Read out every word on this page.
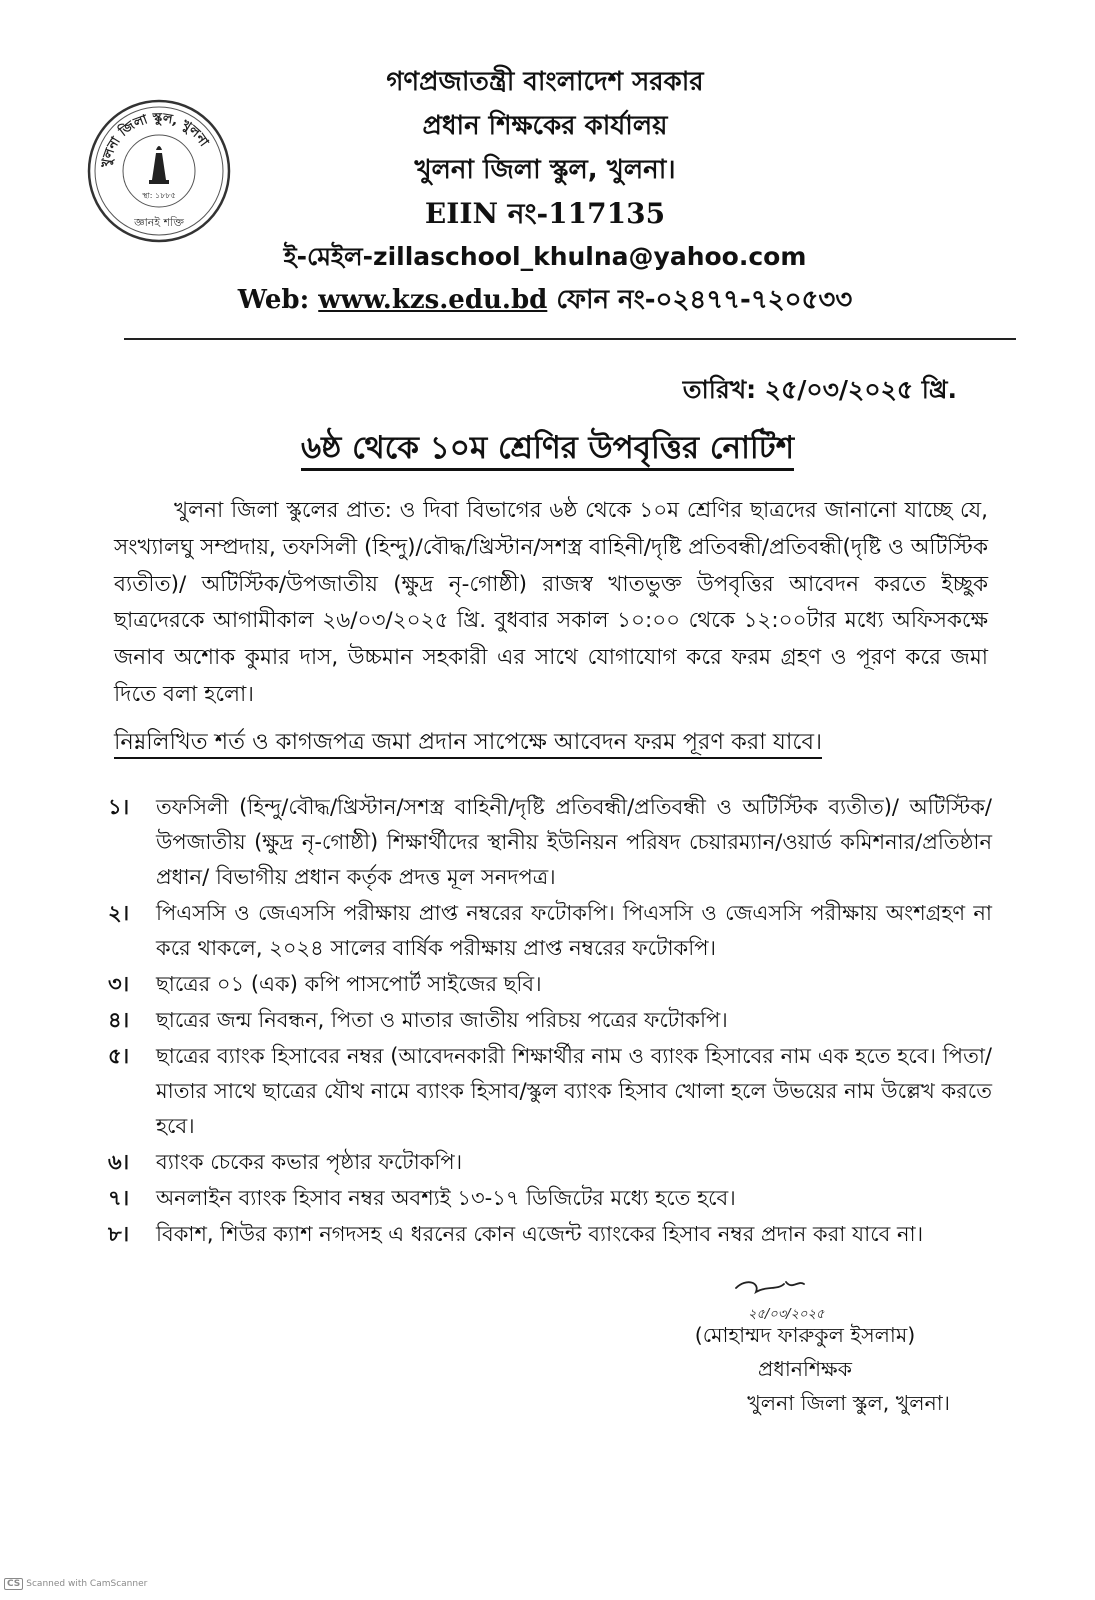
খুলনা জিলা স্কুল, খুলনা
স্থা: ১৮৮৫
জ্ঞানই শক্তি
গণপ্রজাতন্ত্রী বাংলাদেশ সরকার
প্রধান শিক্ষকের কার্যালয়
খুলনা জিলা স্কুল, খুলনা।
EIIN নং-117135
ই-মেইল-zillaschool_khulna@yahoo.com
Web: www.kzs.edu.bd ফোন নং-০২৪৭৭-৭২০৫৩৩
তারিখ: ২৫/০৩/২০২৫ খ্রি.
৬ষ্ঠ থেকে ১০ম শ্রেণির উপবৃত্তির নোটিশ
খুলনা জিলা স্কুলের প্রাত: ও দিবা বিভাগের ৬ষ্ঠ থেকে ১০ম শ্রেণির ছাত্রদের জানানো যাচ্ছে যে, সংখ্যালঘু সম্প্রদায়, তফসিলী (হিন্দু)/বৌদ্ধ/খ্রিস্টান/সশস্ত্র বাহিনী/দৃষ্টি প্রতিবন্ধী/প্রতিবন্ধী(দৃষ্টি ও অটিস্টিক ব্যতীত)/ অটিস্টিক/উপজাতীয় (ক্ষুদ্র নৃ-গোষ্ঠী) রাজস্ব খাতভুক্ত উপবৃত্তির আবেদন করতে ইচ্ছুক ছাত্রদেরকে আগামীকাল ২৬/০৩/২০২৫ খ্রি. বুধবার সকাল ১০:০০ থেকে ১২:০০টার মধ্যে অফিসকক্ষে জনাব অশোক কুমার দাস, উচ্চমান সহকারী এর সাথে যোগাযোগ করে ফরম গ্রহণ ও পূরণ করে জমা দিতে বলা হলো।
নিম্নলিখিত শর্ত ও কাগজপত্র জমা প্রদান সাপেক্ষে আবেদন ফরম পূরণ করা যাবে।
১।	তফসিলী (হিন্দু/বৌদ্ধ/খ্রিস্টান/সশস্ত্র বাহিনী/দৃষ্টি প্রতিবন্ধী/প্রতিবন্ধী ও অটিস্টিক ব্যতীত)/ অটিস্টিক/ উপজাতীয় (ক্ষুদ্র নৃ-গোষ্ঠী) শিক্ষার্থীদের স্থানীয় ইউনিয়ন পরিষদ চেয়ারম্যান/ওয়ার্ড কমিশনার/প্রতিষ্ঠান প্রধান/ বিভাগীয় প্রধান কর্তৃক প্রদত্ত মূল সনদপত্র।
২।	পিএসসি ও জেএসসি পরীক্ষায় প্রাপ্ত নম্বরের ফটোকপি। পিএসসি ও জেএসসি পরীক্ষায় অংশগ্রহণ না করে থাকলে, ২০২৪ সালের বার্ষিক পরীক্ষায় প্রাপ্ত নম্বরের ফটোকপি।
৩।	ছাত্রের ০১ (এক) কপি পাসপোর্ট সাইজের ছবি।
৪।	ছাত্রের জন্ম নিবন্ধন, পিতা ও মাতার জাতীয় পরিচয় পত্রের ফটোকপি।
৫।	ছাত্রের ব্যাংক হিসাবের নম্বর (আবেদনকারী শিক্ষার্থীর নাম ও ব্যাংক হিসাবের নাম এক হতে হবে। পিতা/মাতার সাথে ছাত্রের যৌথ নামে ব্যাংক হিসাব/স্কুল ব্যাংক হিসাব খোলা হলে উভয়ের নাম উল্লেখ করতে হবে।
৬।	ব্যাংক চেকের কভার পৃষ্ঠার ফটোকপি।
৭।	অনলাইন ব্যাংক হিসাব নম্বর অবশ্যই ১৩-১৭ ডিজিটের মধ্যে হতে হবে।
৮।	বিকাশ, শিউর ক্যাশ নগদসহ এ ধরনের কোন এজেন্ট ব্যাংকের হিসাব নম্বর প্রদান করা যাবে না।
২৫/০৩/২০২৫
(মোহাম্মদ ফারুকুল ইসলাম)
প্রধানশিক্ষক
খুলনা জিলা স্কুল, খুলনা।
CS Scanned with CamScanner
